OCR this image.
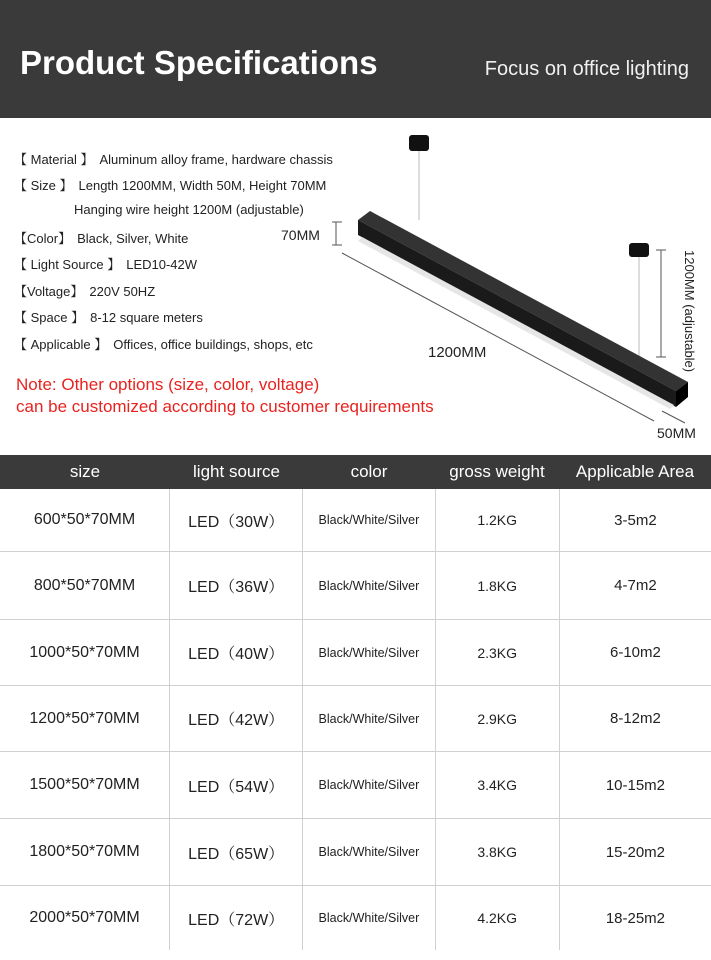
Product Specifications	Focus on office lighting
【 Material 】 Aluminum alloy frame, hardware chassis
【 Size 】 Length 1200MM, Width 50M, Height 70MM
Hanging wire height 1200M (adjustable)
【Color】 Black, Silver, White
【 Light Source 】 LED10-42W
【Voltage】 220V 50HZ
【 Space 】 8-12 square meters
【 Applicable 】 Offices, office buildings, shops, etc
Note: Other options (size, color, voltage)
can be customized according to customer requirements
70MM
1200MM
50MM
1200MM (adjustable)
size	light source	color	gross weight	Applicable Area
600*50*70MM	LED（30W）	Black/White/Silver	1.2KG	3-5m2
800*50*70MM	LED（36W）	Black/White/Silver	1.8KG	4-7m2
1000*50*70MM	LED（40W）	Black/White/Silver	2.3KG	6-10m2
1200*50*70MM	LED（42W）	Black/White/Silver	2.9KG	8-12m2
1500*50*70MM	LED（54W）	Black/White/Silver	3.4KG	10-15m2
1800*50*70MM	LED（65W）	Black/White/Silver	3.8KG	15-20m2
2000*50*70MM	LED（72W）	Black/White/Silver	4.2KG	18-25m2
